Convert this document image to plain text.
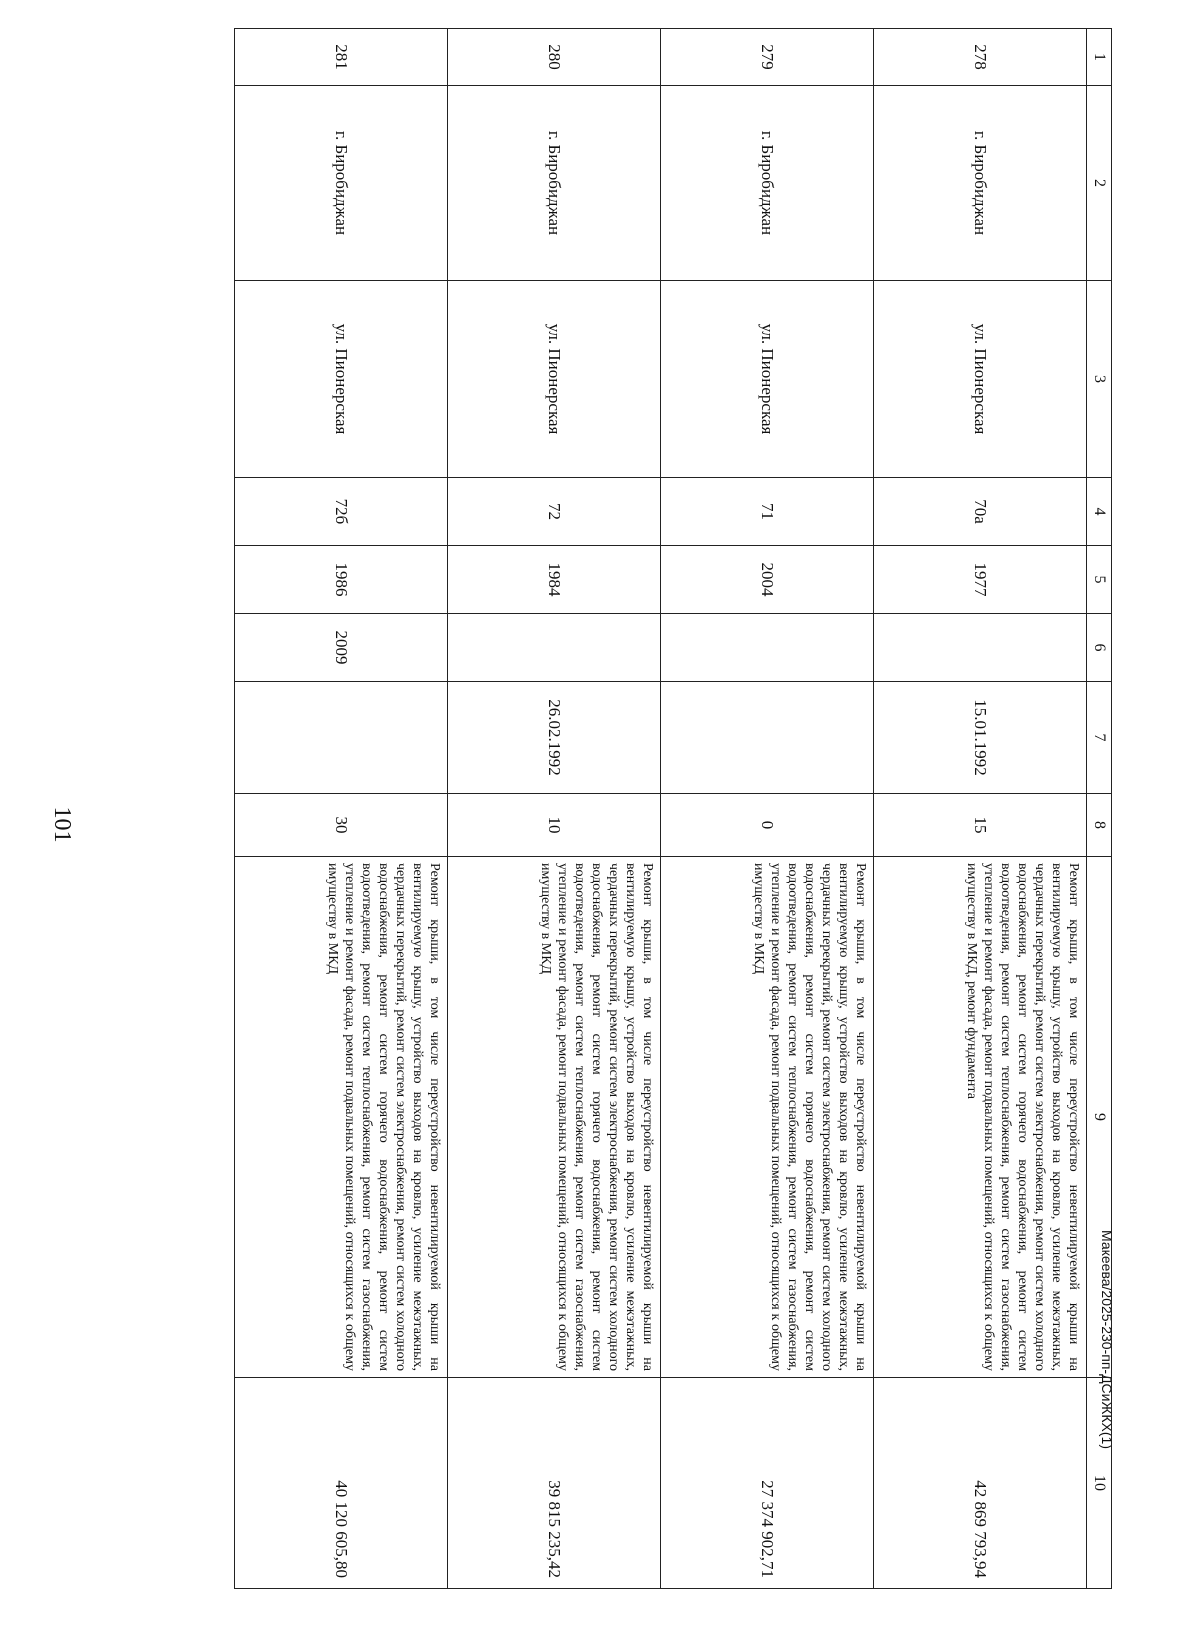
101
Макеева/2025-230-пп-ДСиЖКХ(1)
1	2	3	4	5	6	7	8	9	10
278	г. Биробиджан	ул. Пионерская	70а	1977		15.01.1992	15	Ремонт крыши, в том числе переустройство невентилируемой крыши на вентилируемую крышу, устройство выходов на кровлю, усиление межэтажных, чердачных перекрытий, ремонт систем электроснабжения, ремонт систем холодного водоснабжения, ремонт систем горячего водоснабжения, ремонт систем водоотведения, ремонт систем теплоснабжения, ремонт систем газоснабжения, утепление и ремонт фасада, ремонт подвальных помещений, относящихся к общему имуществу в МКД, ремонт фундамента	42 869 793,94
279	г. Биробиджан	ул. Пионерская	71	2004			0	Ремонт крыши, в том числе переустройство невентилируемой крыши на вентилируемую крышу, устройство выходов на кровлю, усиление межэтажных, чердачных перекрытий, ремонт систем электроснабжения, ремонт систем холодного водоснабжения, ремонт систем горячего водоснабжения, ремонт систем водоотведения, ремонт систем теплоснабжения, ремонт систем газоснабжения, утепление и ремонт фасада, ремонт подвальных помещений, относящихся к общему имуществу в МКД	27 374 902,71
280	г. Биробиджан	ул. Пионерская	72	1984		26.02.1992	10	Ремонт крыши, в том числе переустройство невентилируемой крыши на вентилируемую крышу, устройство выходов на кровлю, усиление межэтажных, чердачных перекрытий, ремонт систем электроснабжения, ремонт систем холодного водоснабжения, ремонт систем горячего водоснабжения, ремонт систем водоотведения, ремонт систем теплоснабжения, ремонт систем газоснабжения, утепление и ремонт фасада, ремонт подвальных помещений, относящихся к общему имуществу в МКД	39 815 235,42
281	г. Биробиджан	ул. Пионерская	72б	1986	2009		30	Ремонт крыши, в том числе переустройство невентилируемой крыши на вентилируемую крышу, устройство выходов на кровлю, усиление межэтажных, чердачных перекрытий, ремонт систем электроснабжения, ремонт систем холодного водоснабжения, ремонт систем горячего водоснабжения, ремонт систем водоотведения, ремонт систем теплоснабжения, ремонт систем газоснабжения, утепление и ремонт фасада, ремонт подвальных помещений, относящихся к общему имуществу в МКД	40 120 605,80
